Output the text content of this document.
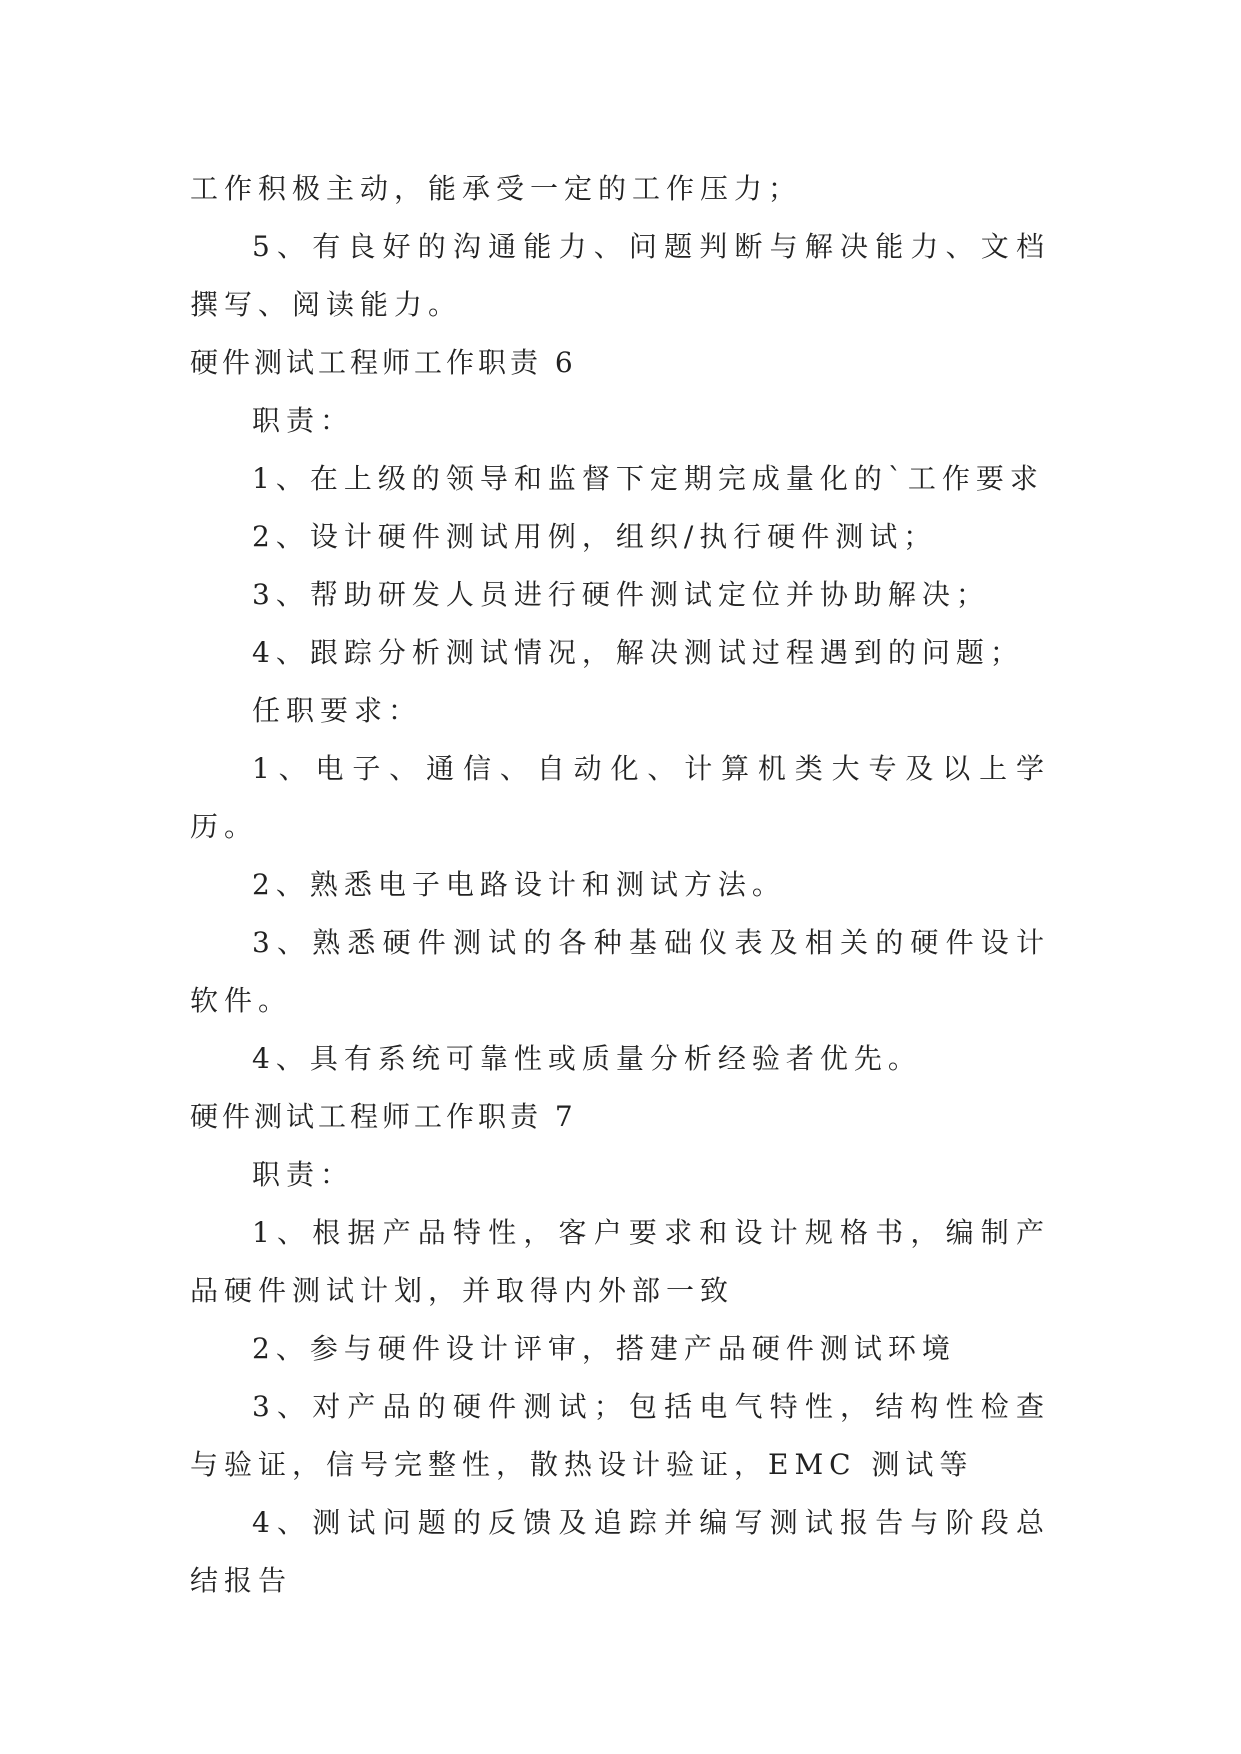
工作积极主动，能承受一定的工作压力；

5、有良好的沟通能力、问题判断与解决能力、文档撰写、阅读能力。

硬件测试工程师工作职责 6

职责：

1、在上级的领导和监督下定期完成量化的`工作要求

2、设计硬件测试用例，组织/执行硬件测试；

3、帮助研发人员进行硬件测试定位并协助解决；

4、跟踪分析测试情况，解决测试过程遇到的问题；

任职要求：

1、电子、通信、自动化、计算机类大专及以上学历。

2、熟悉电子电路设计和测试方法。

3、熟悉硬件测试的各种基础仪表及相关的硬件设计软件。

4、具有系统可靠性或质量分析经验者优先。

硬件测试工程师工作职责 7

职责：

1、根据产品特性，客户要求和设计规格书，编制产品硬件测试计划，并取得内外部一致

2、参与硬件设计评审，搭建产品硬件测试环境

3、对产品的硬件测试；包括电气特性，结构性检查与验证，信号完整性，散热设计验证，EMC 测试等

4、测试问题的反馈及追踪并编写测试报告与阶段总结报告
